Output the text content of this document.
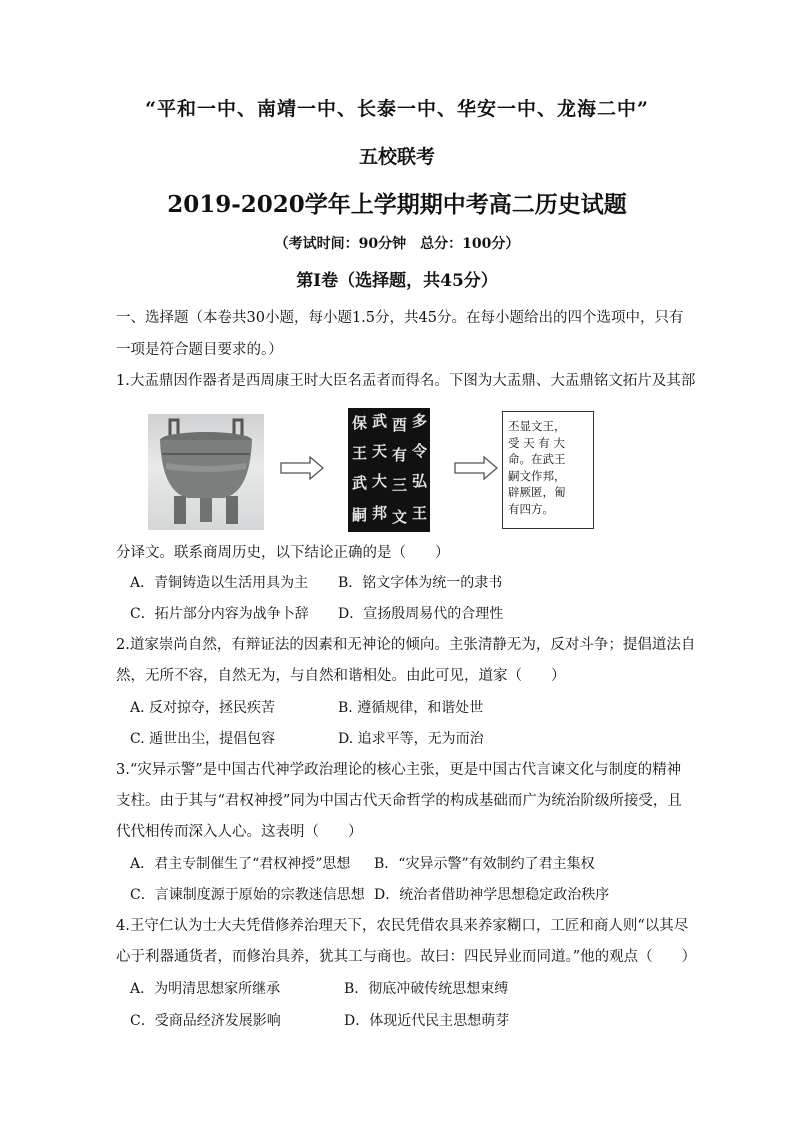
“平和一中、南靖一中、长泰一中、华安一中、龙海二中”
五校联考
2019-2020学年上学期期中考高二历史试题
（考试时间：90分钟　总分：100分）
第Ⅰ卷（选择题，共45分）
一、选择题（本卷共30小题，每小题1.5分，共45分。在每小题给出的四个选项中，只有
一项是符合题目要求的。）
1.大盂鼎因作器者是西周康王时大臣名盂者而得名。下图为大盂鼎、大盂鼎铭文拓片及其部
保 武 酉 多
王 天 有 令
武 大 三 弘
嗣 邦 文 王
丕显文王，
受 天 有 大
命。在武王
嗣文作邦，
辟厥匿，匍
有四方。
分译文。联系商周历史，以下结论正确的是（　　）
A．青铜铸造以生活用具为主 B．铭文字体为统一的隶书
C．拓片部分内容为战争卜辞 D．宣扬殷周易代的合理性
2.道家崇尚自然，有辩证法的因素和无神论的倾向。主张清静无为，反对斗争；提倡道法自
然，无所不容，自然无为，与自然和谐相处。由此可见，道家（　　）
A. 反对掠夺，拯民疾苦	B. 遵循规律，和谐处世
C. 遁世出尘，提倡包容	D. 追求平等，无为而治
3.“灾异示警”是中国古代神学政治理论的核心主张，更是中国古代言谏文化与制度的精神
支柱。由于其与“君权神授”同为中国古代天命哲学的构成基础而广为统治阶级所接受，且
代代相传而深入人心。这表明（　　）
A．君主专制催生了“君权神授”思想 B．“灾异示警”有效制约了君主集权
C．言谏制度源于原始的宗教迷信思想 D．统治者借助神学思想稳定政治秩序
4.王守仁认为士大夫凭借修养治理天下，农民凭借农具来养家糊口，工匠和商人则“以其尽
心于利器通货者，而修治具养，犹其工与商也。故曰：四民异业而同道。”他的观点（　　）
A．为明清思想家所继承	B．彻底冲破传统思想束缚
C．受商品经济发展影响	D．体现近代民主思想萌芽
